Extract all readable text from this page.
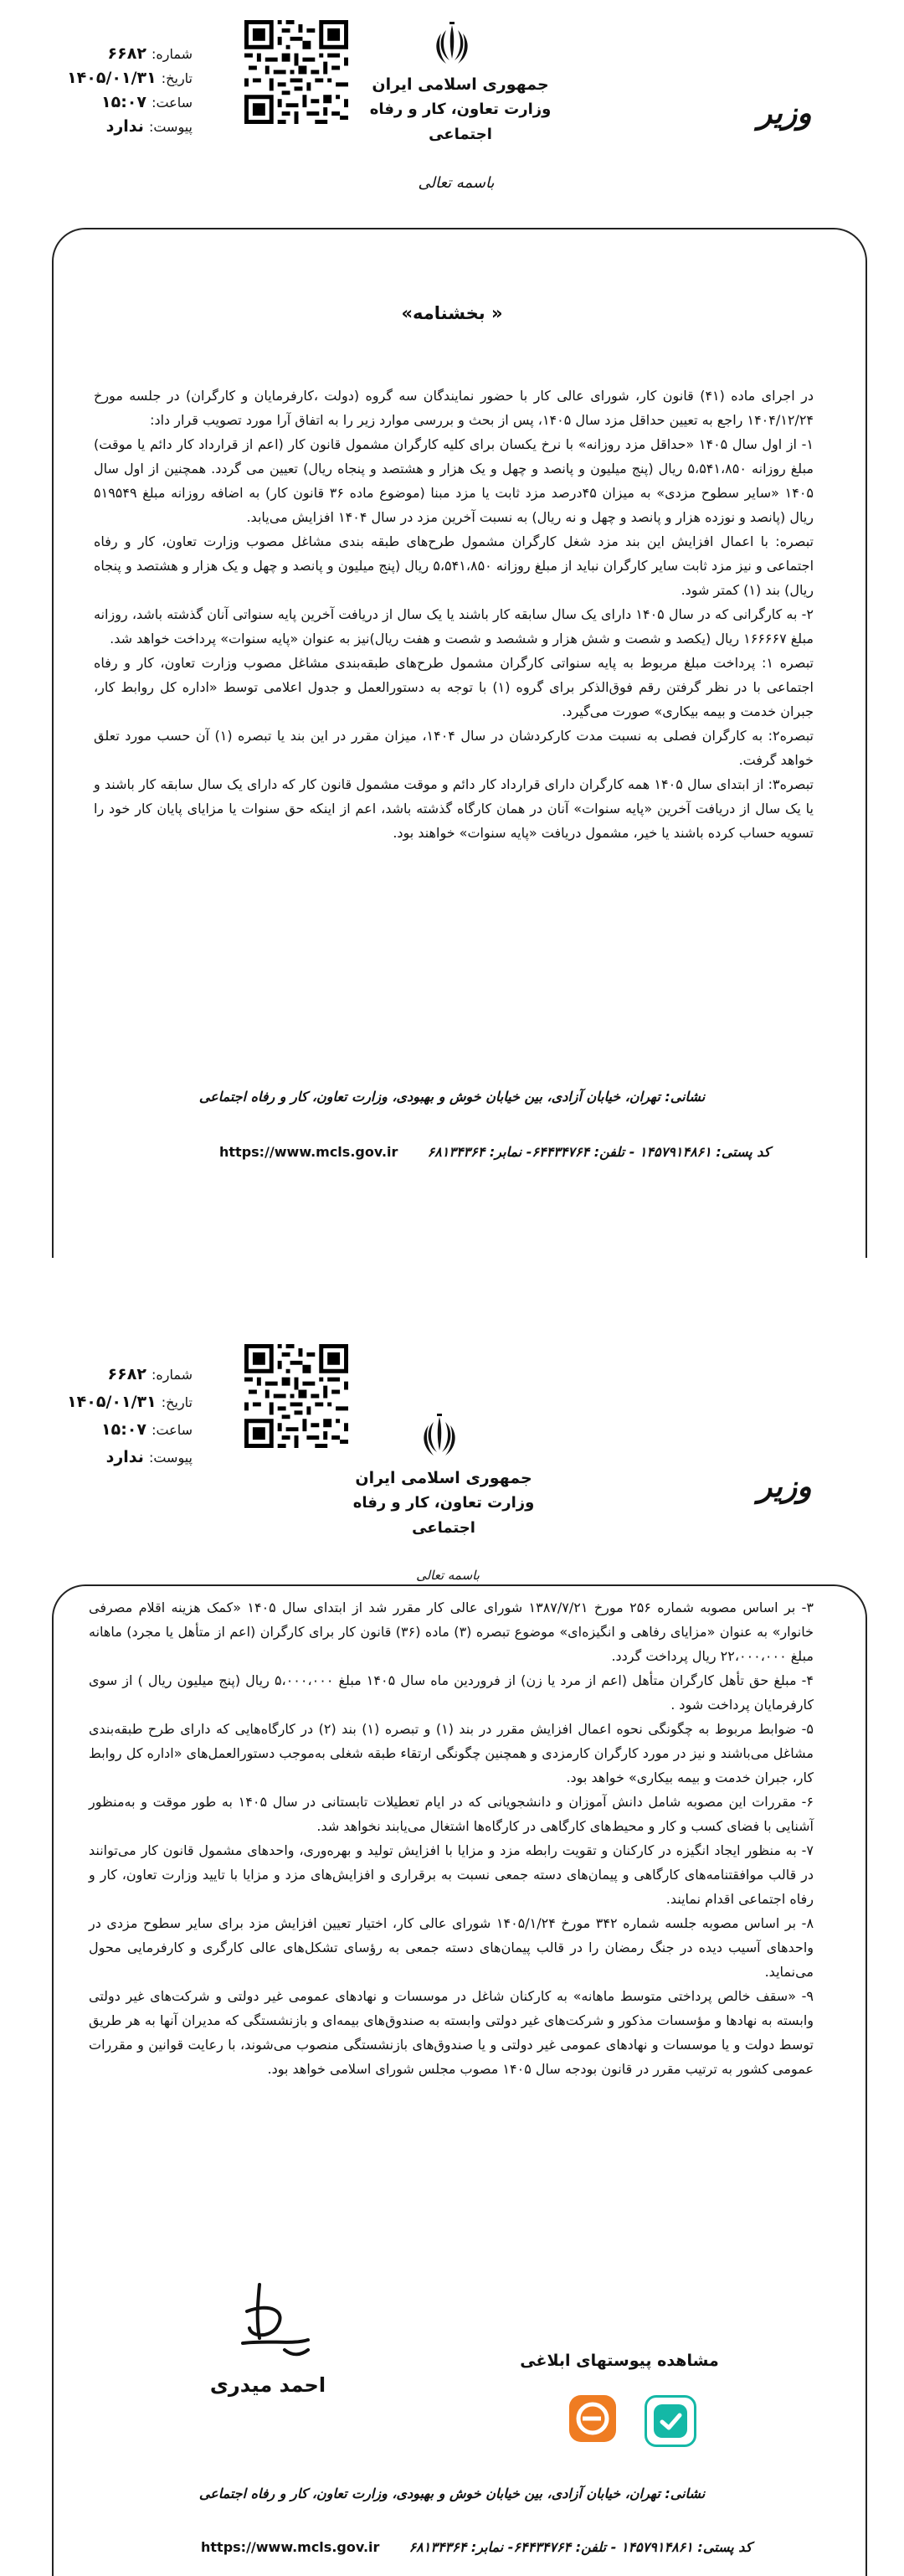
شماره: ۶۶۸۲
تاریخ: ۱۴۰۵/۰۱/۳۱
ساعت: ۱۵:۰۷
پیوست: ندارد
جمهوری اسلامی ایران
وزارت تعاون، کار و رفاه اجتماعی
باسمه تعالی
وزیر
« بخشنامه»

در اجرای ماده (۴۱) قانون کار، شورای عالی کار با حضور نمایندگان سه گروه (دولت ،کارفرمایان و کارگران) در جلسه مورخ ۱۴۰۴/۱۲/۲۴ راجع به تعیین حداقل مزد سال ۱۴۰۵، پس از بحث و بررسی موارد زیر را به اتفاق آرا مورد تصویب قرار داد:

۱- از اول سال ۱۴۰۵ «حداقل مزد روزانه» با نرخ یکسان برای کلیه کارگران مشمول قانون کار (اعم از قرارداد کار دائم یا موقت) مبلغ روزانه ۵،۵۴۱،۸۵۰ ریال (پنج میلیون و پانصد و چهل و یک هزار و هشتصد و پنجاه ریال) تعیین می گردد. همچنین از اول سال ۱۴۰۵ «سایر سطوح مزدی» به میزان ۴۵درصد مزد ثابت یا مزد مبنا (موضوع ماده ۳۶ قانون کار) به اضافه روزانه مبلغ ۵۱۹۵۴۹ ریال (پانصد و نوزده هزار و پانصد و چهل و نه ریال) به نسبت آخرین مزد در سال ۱۴۰۴ افزایش می‌یابد.

تبصره: با اعمال افزایش این بند مزد شغل کارگران مشمول طرح‌های طبقه بندی مشاغل مصوب وزارت تعاون، کار و رفاه اجتماعی و نیز مزد ثابت سایر کارگران نباید از مبلغ روزانه ۵،۵۴۱،۸۵۰ ریال (پنج میلیون و پانصد و چهل و یک هزار و هشتصد و پنجاه ریال) بند (۱) کمتر شود.

۲- به کارگرانی که در سال ۱۴۰۵ دارای یک سال سابقه کار باشند یا یک سال از دریافت آخرین پایه سنواتی آنان گذشته باشد، روزانه مبلغ ۱۶۶۶۶۷ ریال (یکصد و شصت و شش هزار و ششصد و شصت و هفت ریال)نیز به عنوان «پایه سنوات» پرداخت خواهد شد.

تبصره ۱: پرداخت مبلغ مربوط به پایه سنواتی کارگران مشمول طرح‌های طبقه‌بندی مشاغل مصوب وزارت تعاون، کار و رفاه اجتماعی با در نظر گرفتن رقم فوق‌الذکر برای گروه (۱) با توجه به دستورالعمل و جدول اعلامی توسط «اداره کل روابط کار، جبران خدمت و بیمه بیکاری» صورت می‌گیرد.

تبصره۲: به کارگران فصلی به نسبت مدت کارکردشان در سال ۱۴۰۴، میزان مقرر در این بند یا تبصره (۱) آن حسب مورد تعلق خواهد گرفت.

تبصره۳: از ابتدای سال ۱۴۰۵ همه کارگران دارای قرارداد کار دائم و موقت مشمول قانون کار که دارای یک سال سابقه کار باشند و یا یک سال از دریافت آخرین «پایه سنوات» آنان در همان کارگاه گذشته باشد، اعم از اینکه حق سنوات یا مزایای پایان کار خود را تسویه حساب کرده باشند یا خیر، مشمول دریافت «پایه سنوات» خواهند بود.

نشانی: تهران، خیابان آزادی، بین خیابان خوش و بهبودی، وزارت تعاون، کار و رفاه اجتماعی
https://www.mcls.gov.ir کد پستی: ۱۴۵۷۹۱۴۸۶۱ - تلفن: ۶۴۴۳۴۷۶۴- نمابر: ۶۸۱۳۴۳۶۴
شماره: ۶۶۸۲
تاریخ: ۱۴۰۵/۰۱/۳۱
ساعت: ۱۵:۰۷
پیوست: ندارد
جمهوری اسلامی ایران
وزارت تعاون، کار و رفاه اجتماعی
وزیر
باسمه تعالی

۳- بر اساس مصوبه شماره ۲۵۶ مورخ ۱۳۸۷/۷/۲۱ شورای عالی کار مقرر شد از ابتدای سال ۱۴۰۵ «کمک هزینه اقلام مصرفی خانوار» به عنوان «مزایای رفاهی و انگیزه‌ای» موضوع تبصره (۳) ماده (۳۶) قانون کار برای کارگران (اعم از متأهل یا مجرد) ماهانه مبلغ ۲۲،۰۰۰،۰۰۰ ریال پرداخت گردد.

۴- مبلغ حق تأهل کارگران متأهل (اعم از مرد یا زن) از فروردین ماه سال ۱۴۰۵ مبلغ ۵،۰۰۰،۰۰۰ ریال (پنج میلیون ریال ) از سوی کارفرمایان پرداخت شود .

۵- ضوابط مربوط به چگونگی نحوه اعمال افزایش مقرر در بند (۱) و تبصره (۱) بند (۲) در کارگاه‌هایی که دارای طرح طبقه‌بندی مشاغل می‌باشند و نیز در مورد کارگران کارمزدی و همچنین چگونگی ارتقاء طبقه شغلی به‌موجب دستورالعمل‌های «اداره کل روابط کار، جبران خدمت و بیمه بیکاری» خواهد بود.

۶- مقررات این مصوبه شامل دانش آموزان و دانشجویانی که در ایام تعطیلات تابستانی در سال ۱۴۰۵ به طور موقت و به‌منظور آشنایی با فضای کسب و کار و محیط‌های کارگاهی در کارگاه‌ها اشتغال می‌یابند نخواهد شد.

۷- به منظور ایجاد انگیزه در کارکنان و تقویت رابطه مزد و مزایا با افزایش تولید و بهره‌وری، واحدهای مشمول قانون کار می‌توانند در قالب موافقتنامه‌های کارگاهی و پیمان‌های دسته جمعی نسبت به برقراری و افزایش‌های مزد و مزایا با تایید وزارت تعاون، کار و رفاه اجتماعی اقدام نمایند.

۸- بر اساس مصوبه جلسه شماره ۳۴۲ مورخ ۱۴۰۵/۱/۲۴ شورای عالی کار، اختیار تعیین افزایش مزد برای سایر سطوح مزدی در واحدهای آسیب دیده در جنگ رمضان را در قالب پیمان‌های دسته جمعی به رؤسای تشکل‌های عالی کارگری و کارفرمایی محول می‌نماید.

۹- «سقف خالص پرداختی متوسط ماهانه» به کارکنان شاغل در موسسات و نهادهای عمومی غیر دولتی و شرکت‌های غیر دولتی وابسته به نهادها و مؤسسات مذکور و شرکت‌های غیر دولتی وابسته به صندوق‌های بیمه‌ای و بازنشستگی که مدیران آنها به هر طریق توسط دولت و یا موسسات و نهادهای عمومی غیر دولتی و یا صندوق‌های بازنشستگی منصوب می‌شوند، با رعایت قوانین و مقررات عمومی کشور به ترتیب مقرر در قانون بودجه سال ۱۴۰۵ مصوب مجلس شورای اسلامی خواهد بود.

احمد میدری
مشاهده پیوستهای ابلاغی
نشانی: تهران، خیابان آزادی، بین خیابان خوش و بهبودی، وزارت تعاون، کار و رفاه اجتماعی
https://www.mcls.gov.ir کد پستی: ۱۴۵۷۹۱۴۸۶۱ - تلفن: ۶۴۴۳۴۷۶۴- نمابر: ۶۸۱۳۴۳۶۴
